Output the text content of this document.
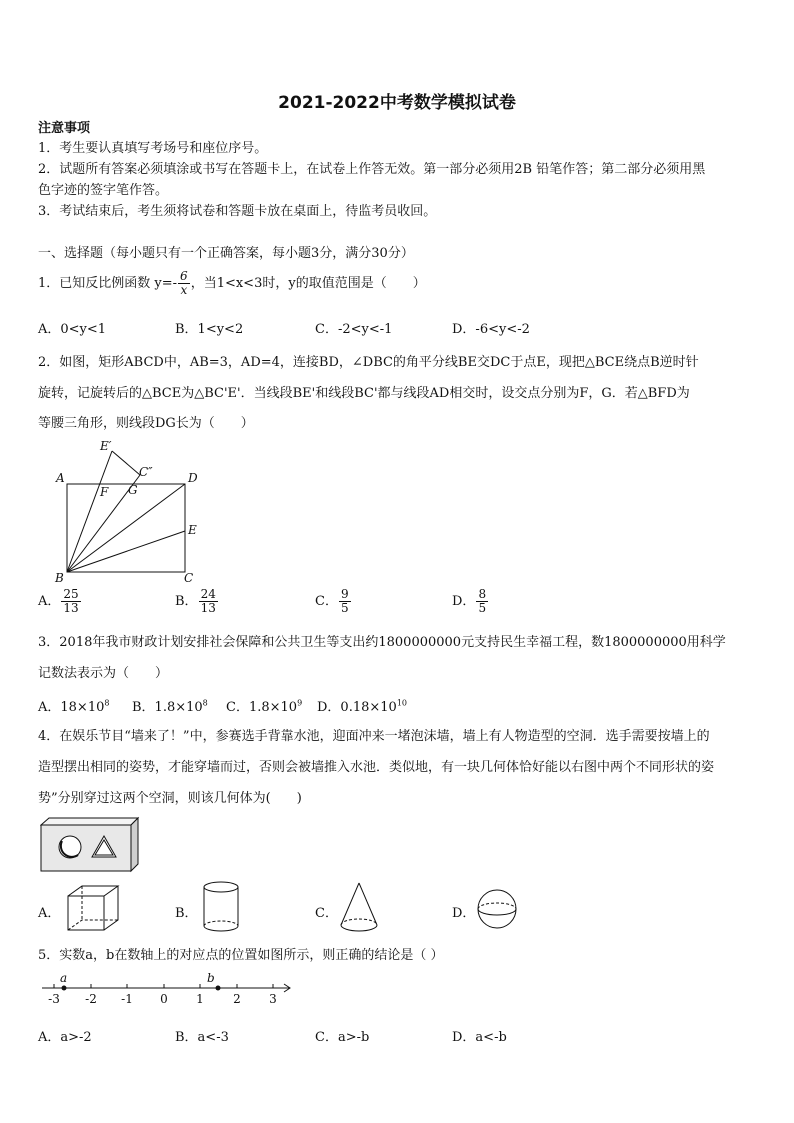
2021-2022中考数学模拟试卷
注意事项
1．考生要认真填写考场号和座位序号。
2．试题所有答案必须填涂或书写在答题卡上，在试卷上作答无效。第一部分必须用2B 铅笔作答；第二部分必须用黑
色字迹的签字笔作答。
3．考试结束后，考生须将试卷和答题卡放在桌面上，待监考员收回。
一、选择题（每小题只有一个正确答案，每小题3分，满分30分）
1．已知反比例函数 $y=- \frac{6}{x}$ ，当1<x<3时，y的取值范围是（　　）
A．0<y<1	B．1<y<2	C．-2<y<-1	D．-6<y<-2
2．如图，矩形ABCD中，AB=3，AD=4，连接BD，∠DBC的角平分线BE交DC于点E，现把△BCE绕点B逆时针
旋转，记旋转后的△BCE为△BC'E'．当线段BE'和线段BC'都与线段AD相交时，设交点分别为F，G．若△BFD为
等腰三角形，则线段DG长为（　　）
A
B	C
D
E
F G
E′
C″
A． $\frac{25}{13}$	B． $\frac{24}{13}$	C． $\frac{9}{5}$	D． $\frac{8}{5}$
3．2018年我市财政计划安排社会保障和公共卫生等支出约1800000000元支持民生幸福工程，数1800000000用科学
记数法表示为（　　）
A．$18\times 10^8$ B．$1.8\times 10^8$ C．$1.8\times 10^9$ D．$0.18\times 10^{10}$
4．在娱乐节目“墙来了！”中，参赛选手背靠水池，迎面冲来一堵泡沫墙，墙上有人物造型的空洞．选手需要按墙上的
造型摆出相同的姿势，才能穿墙而过，否则会被墙推入水池．类似地，有一块几何体恰好能以右图中两个不同形状的姿
势”分别穿过这两个空洞，则该几何体为(　　)
A．	B．	C．	D．
5．实数a，b在数轴上的对应点的位置如图所示，则正确的结论是（ ）
a	b
-3 -2 -1 0 1 2 3
A．a>-2	B．a<-3	C．a>-b	D．a<-b
